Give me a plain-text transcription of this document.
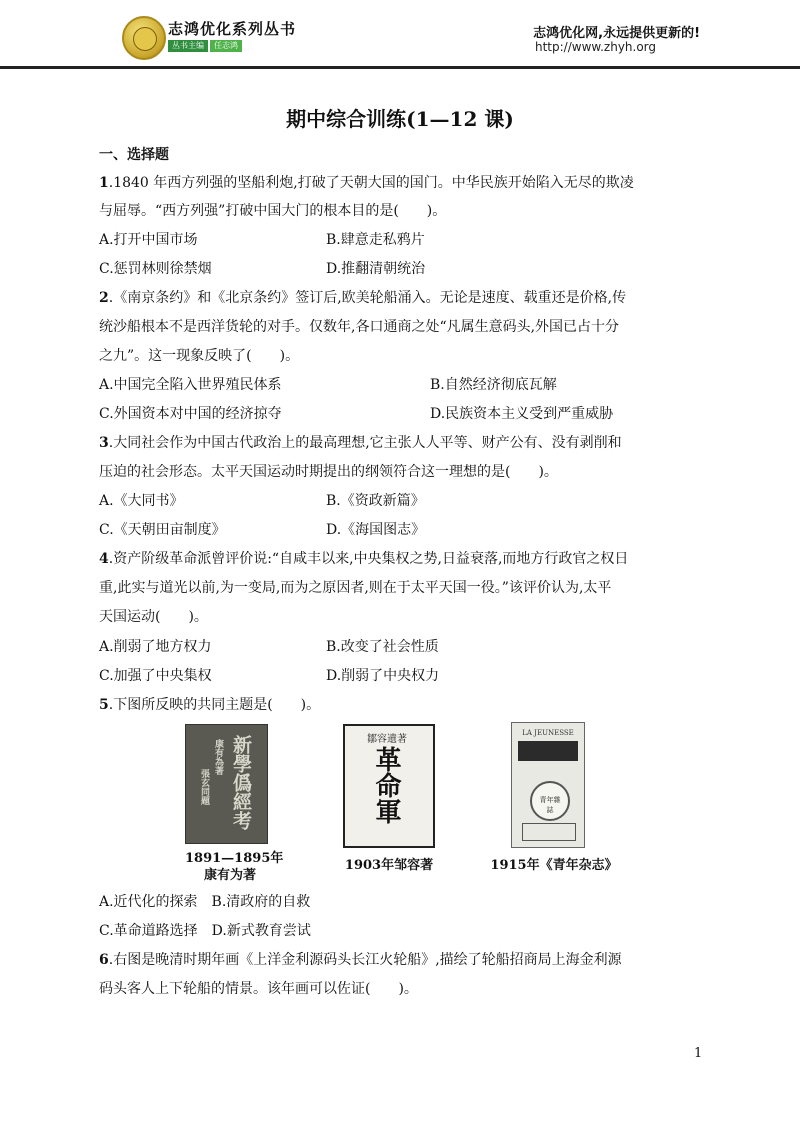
志鸿优化系列丛书
丛书主编 任志鸿
志鸿优化网,永远提供更新的!
http://www.zhyh.org
期中综合训练(1—12 课)
一、选择题
1.1840 年西方列强的坚船利炮,打破了天朝大国的国门。中华民族开始陷入无尽的欺凌
与屈辱。“西方列强”打破中国大门的根本目的是(　　)。
A.打开中国市场	B.肆意走私鸦片
C.惩罚林则徐禁烟	D.推翻清朝统治
2.《南京条约》和《北京条约》签订后,欧美轮船涌入。无论是速度、载重还是价格,传
统沙船根本不是西洋货轮的对手。仅数年,各口通商之处“凡属生意码头,外国已占十分
之九”。这一现象反映了(　　)。
A.中国完全陷入世界殖民体系	B.自然经济彻底瓦解
C.外国资本对中国的经济掠夺	D.民族资本主义受到严重威胁
3.大同社会作为中国古代政治上的最高理想,它主张人人平等、财产公有、没有剥削和
压迫的社会形态。太平天国运动时期提出的纲领符合这一理想的是(　　)。
A.《大同书》	B.《资政新篇》
C.《天朝田亩制度》	D.《海国图志》
4.资产阶级革命派曾评价说:“自咸丰以来,中央集权之势,日益衰落,而地方行政官之权日
重,此实与道光以前,为一变局,而为之原因者,则在于太平天国一役。”该评价认为,太平
天国运动(　　)。
A.削弱了地方权力	B.改变了社会性质
C.加强了中央集权	D.削弱了中央权力
5.下图所反映的共同主题是(　　)。
新學僞經考
康有為著
張玄同題
1891—1895年
康有为著
鄒容遺著
革命軍
1903年邹容著
LA JEUNESSE
青年雜誌
1915年《青年杂志》
A.近代化的探索　B.清政府的自救
C.革命道路选择　D.新式教育尝试
6.右图是晚清时期年画《上洋金利源码头长江火轮船》,描绘了轮船招商局上海金利源
码头客人上下轮船的情景。该年画可以佐证(　　)。
1
